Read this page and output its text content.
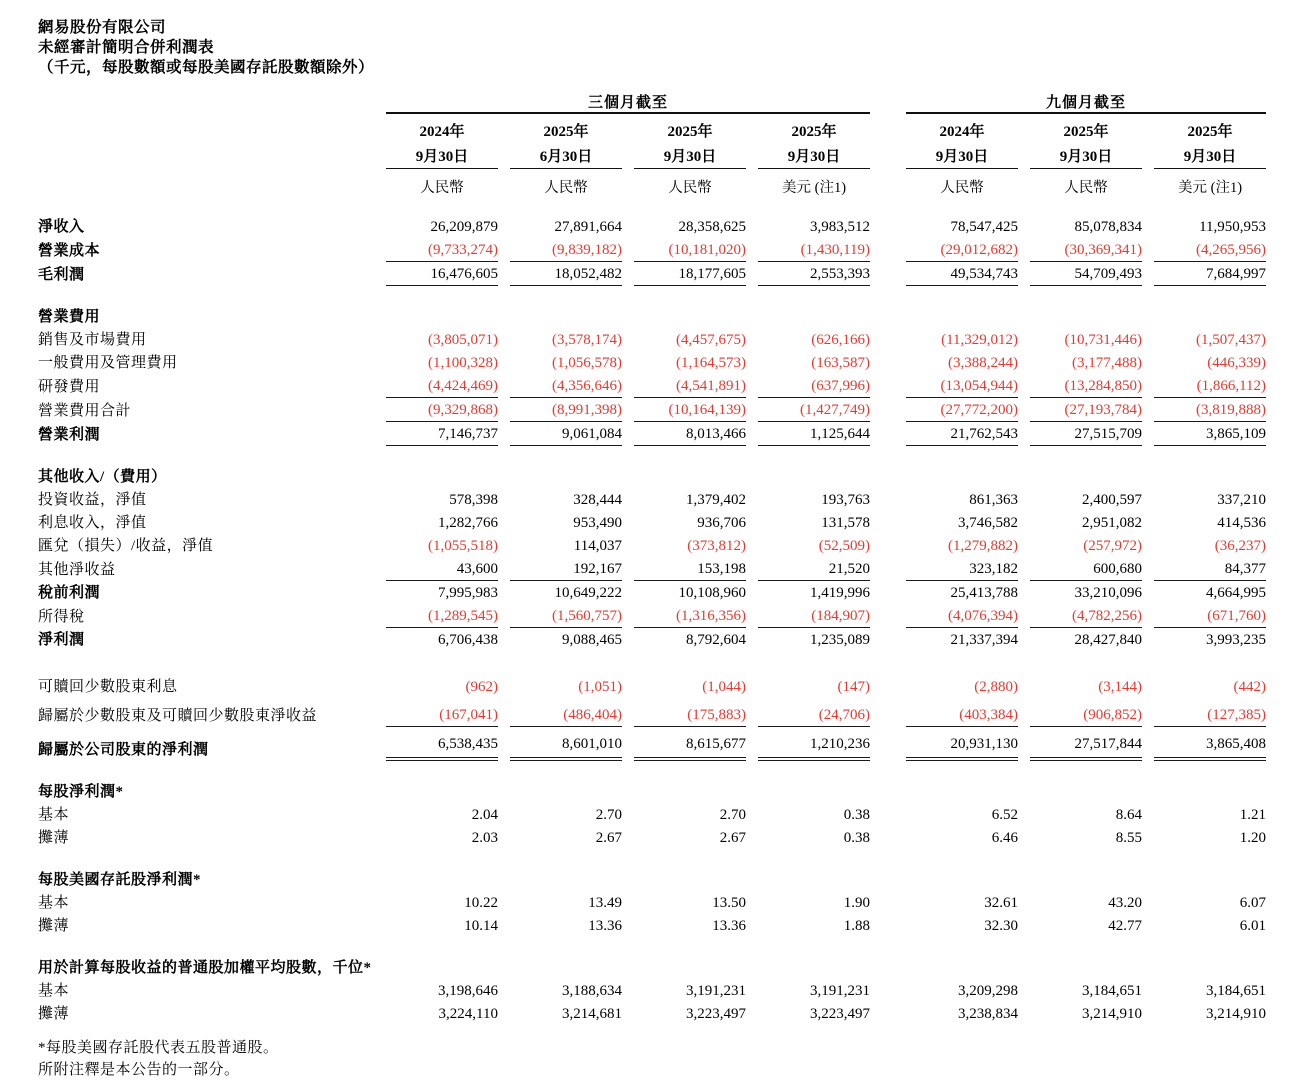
網易股份有限公司
未經審計簡明合併利潤表
（千元，每股數額或每股美國存託股數額除外）
	三個月截至					九個月截至		
	2024年	2025年	2025年	2025年		2024年	2025年	2025年
	9月30日	6月30日	9月30日	9月30日		9月30日	9月30日	9月30日
	人民幣	人民幣	人民幣	美元 (注1)		人民幣	人民幣	美元 (注1)

淨收入	26,209,879	27,891,664	28,358,625	3,983,512		78,547,425	85,078,834	11,950,953
營業成本	(9,733,274)	(9,839,182)	(10,181,020)	(1,430,119)		(29,012,682)	(30,369,341)	(4,265,956)
毛利潤	16,476,605	18,052,482	18,177,605	2,553,393		49,534,743	54,709,493	7,684,997

營業費用								
銷售及市場費用	(3,805,071)	(3,578,174)	(4,457,675)	(626,166)		(11,329,012)	(10,731,446)	(1,507,437)
一般費用及管理費用	(1,100,328)	(1,056,578)	(1,164,573)	(163,587)		(3,388,244)	(3,177,488)	(446,339)
研發費用	(4,424,469)	(4,356,646)	(4,541,891)	(637,996)		(13,054,944)	(13,284,850)	(1,866,112)
營業費用合計	(9,329,868)	(8,991,398)	(10,164,139)	(1,427,749)		(27,772,200)	(27,193,784)	(3,819,888)
營業利潤	7,146,737	9,061,084	8,013,466	1,125,644		21,762,543	27,515,709	3,865,109

其他收入/（費用）								
投資收益，淨值	578,398	328,444	1,379,402	193,763		861,363	2,400,597	337,210
利息收入，淨值	1,282,766	953,490	936,706	131,578		3,746,582	2,951,082	414,536
匯兌（損失）/收益，淨值	(1,055,518)	114,037	(373,812)	(52,509)		(1,279,882)	(257,972)	(36,237)
其他淨收益	43,600	192,167	153,198	21,520		323,182	600,680	84,377
稅前利潤	7,995,983	10,649,222	10,108,960	1,419,996		25,413,788	33,210,096	4,664,995
所得稅	(1,289,545)	(1,560,757)	(1,316,356)	(184,907)		(4,076,394)	(4,782,256)	(671,760)
淨利潤	6,706,438	9,088,465	8,792,604	1,235,089		21,337,394	28,427,840	3,993,235

可贖回少數股東利息	(962)	(1,051)	(1,044)	(147)		(2,880)	(3,144)	(442)
歸屬於少數股東及可贖回少數股東淨收益	(167,041)	(486,404)	(175,883)	(24,706)		(403,384)	(906,852)	(127,385)
歸屬於公司股東的淨利潤	6,538,435	8,601,010	8,615,677	1,210,236		20,931,130	27,517,844	3,865,408

每股淨利潤*								
基本	2.04	2.70	2.70	0.38		6.52	8.64	1.21
攤薄	2.03	2.67	2.67	0.38		6.46	8.55	1.20

每股美國存託股淨利潤*								
基本	10.22	13.49	13.50	1.90		32.61	43.20	6.07
攤薄	10.14	13.36	13.36	1.88		32.30	42.77	6.01

用於計算每股收益的普通股加權平均股數，千位*								
基本	3,198,646	3,188,634	3,191,231	3,191,231		3,209,298	3,184,651	3,184,651
攤薄	3,224,110	3,214,681	3,223,497	3,223,497		3,238,834	3,214,910	3,214,910
*每股美國存託股代表五股普通股。
所附注釋是本公告的一部分。
